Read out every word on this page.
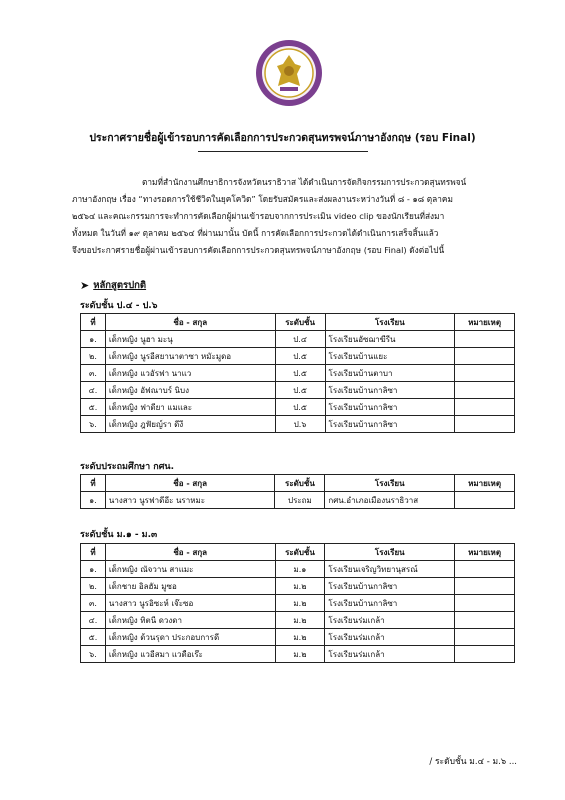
ประกาศรายชื่อผู้เข้ารอบการคัดเลือกการประกวดสุนทรพจน์ภาษาอังกฤษ (รอบ Final)
ตามที่สำนักงานศึกษาธิการจังหวัดนราธิวาส ได้ดำเนินการจัดกิจกรรมการประกวดสุนทรพจน์
ภาษาอังกฤษ เรื่อง “ทางรอดการใช้ชีวิตในยุคโควิด” โดยรับสมัครและส่งผลงานระหว่างวันที่ ๘ - ๑๘ ตุลาคม
๒๕๖๔ และคณะกรรมการจะทำการคัดเลือกผู้ผ่านเข้ารอบจากการประเมิน video clip ของนักเรียนที่ส่งมา
ทั้งหมด ในวันที่ ๑๙ ตุลาคม ๒๕๖๔ ที่ผ่านมานั้น บัดนี้ การคัดเลือกการประกวดได้ดำเนินการเสร็จสิ้นแล้ว
จึงขอประกาศรายชื่อผู้ผ่านเข้ารอบการคัดเลือกการประกวดสุนทรพจน์ภาษาอังกฤษ (รอบ Final) ดังต่อไปนี้
➤ หลักสูตรปกติ
ระดับชั้น ป.๔ - ป.๖
ที่	ชื่อ - สกุล	ระดับชั้น	โรงเรียน	หมายเหตุ
๑.	เด็กหญิง นูฮา มะนุ	ป.๔	โรงเรียนอัซฌาฆีรีน	
๒.	เด็กหญิง นูรอีสยานาตาซา หมัะมูดอ	ป.๕	โรงเรียนบ้านแยะ	
๓.	เด็กหญิง แวอัรฟา นาแว	ป.๕	โรงเรียนบ้านตาบา	
๔.	เด็กหญิง อัฟณาบร์ นิบง	ป.๕	โรงเรียนบ้านกาลิซา	
๕.	เด็กหญิง ฟาดียา แมและ	ป.๕	โรงเรียนบ้านกาลิซา	
๖.	เด็กหญิง ฎฟัยญ์รา ดีงี	ป.๖	โรงเรียนบ้านกาลิซา	
ระดับประถมศึกษา กศน.
ที่	ชื่อ - สกุล	ระดับชั้น	โรงเรียน	หมายเหตุ
๑.	นางสาว นูรฟาดีอีะ นราหมะ	ประถม	กศน.อำเภอเมืองนราธิวาส	
ระดับชั้น ม.๑ - ม.๓
ที่	ชื่อ - สกุล	ระดับชั้น	โรงเรียน	หมายเหตุ
๑.	เด็กหญิง ณัจวาน สาแมะ	ม.๑	โรงเรียนเจริญวิทยานุสรณ์	
๒.	เด็กชาย อิลฮัม มูซอ	ม.๒	โรงเรียนบ้านกาลิซา	
๓.	นางสาว นูรอิซะห์ เจ๊ะซอ	ม.๒	โรงเรียนบ้านกาลิซา	
๔.	เด็กหญิง ทิตนี ดวงดา	ม.๒	โรงเรียนร่มเกล้า	
๕.	เด็กหญิง ด้วนรุดา ประกอบการดี	ม.๒	โรงเรียนร่มเกล้า	
๖.	เด็กหญิง แวอีสมา แวดือเร๊ะ	ม.๒	โรงเรียนร่มเกล้า	
/ ระดับชั้น ม.๔ - ม.๖ ...
